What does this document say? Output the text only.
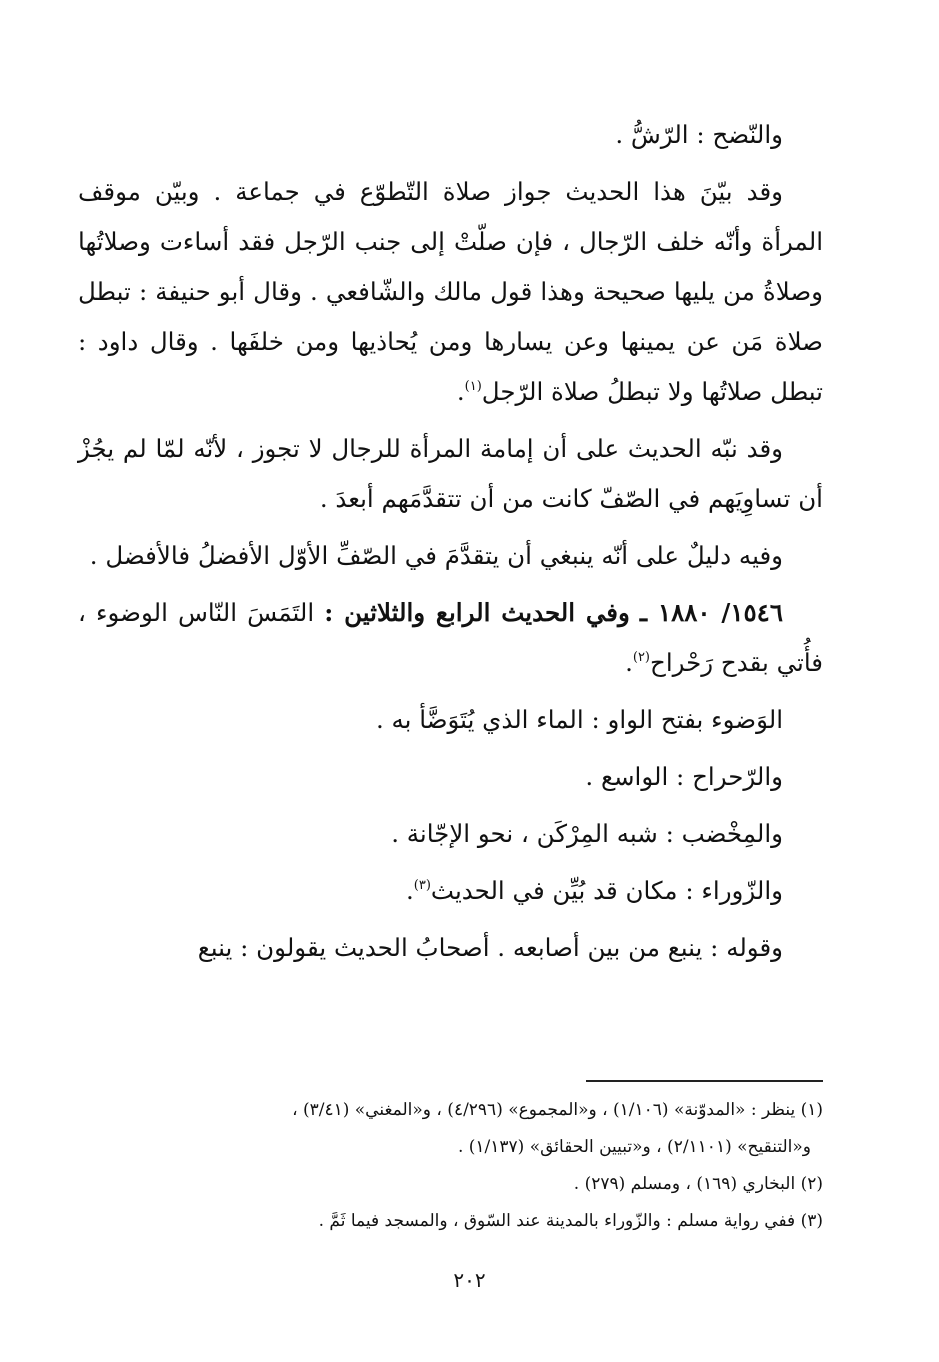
والنّضح : الرّشُّ .

وقد بيّنَ هذا الحديث جواز صلاة التّطوّع في جماعة . وبيّن موقف المرأة وأنّه خلف الرّجال ، فإن صلّتْ إلى جنب الرّجل فقد أساءت وصلاتُها وصلاةُ من يليها صحيحة وهذا قول مالك والشّافعي . وقال أبو حنيفة : تبطل صلاة مَن عن يمينها وعن يسارها ومن يُحاذيها ومن خلفَها . وقال داود : تبطل صلاتُها ولا تبطلُ صلاة الرّجل$^{(١)}$.

وقد نبّه الحديث على أن إمامة المرأة للرجال لا تجوز ، لأنّه لمّا لم يجُزْ أن تساوِيَهم في الصّفّ كانت من أن تتقدَّمَهم أبعدَ .

وفيه دليلٌ على أنّه ينبغي أن يتقدَّمَ في الصّفِّ الأوّل الأفضلُ فالأفضل .

١٥٤٦/ ١٨٨٠ ـ وفي الحديث الرابع والثلاثين : التَمَسَ النّاس الوضوء ، فأُتي بقدح رَحْراح$^{(٢)}$.

الوَضوء بفتح الواو : الماء الذي يُتَوَضَّأ به .

والرّحراح : الواسع .

والمِخْضب : شبه المِرْكَن ، نحو الإجّانة .

والزّوراء : مكان قد بُيِّن في الحديث$^{(٣)}$.

وقوله : ينبع من بين أصابعه . أصحابُ الحديث يقولون : ينبع

(١) ينظر : «المدوّنة» (١/١٠٦) ، و«المجموع» (٤/٢٩٦) ، و«المغني» (٣/٤١) ،
و«التنقيح» (٢/١١٠١) ، و«تبيين الحقائق» (١/١٣٧) .
(٢) البخاري (١٦٩) ، ومسلم (٢٧٩) .
(٣) ففي رواية مسلم : والزّوراء بالمدينة عند السّوق ، والمسجد فيما ثَمَّ .
٢٠٢
